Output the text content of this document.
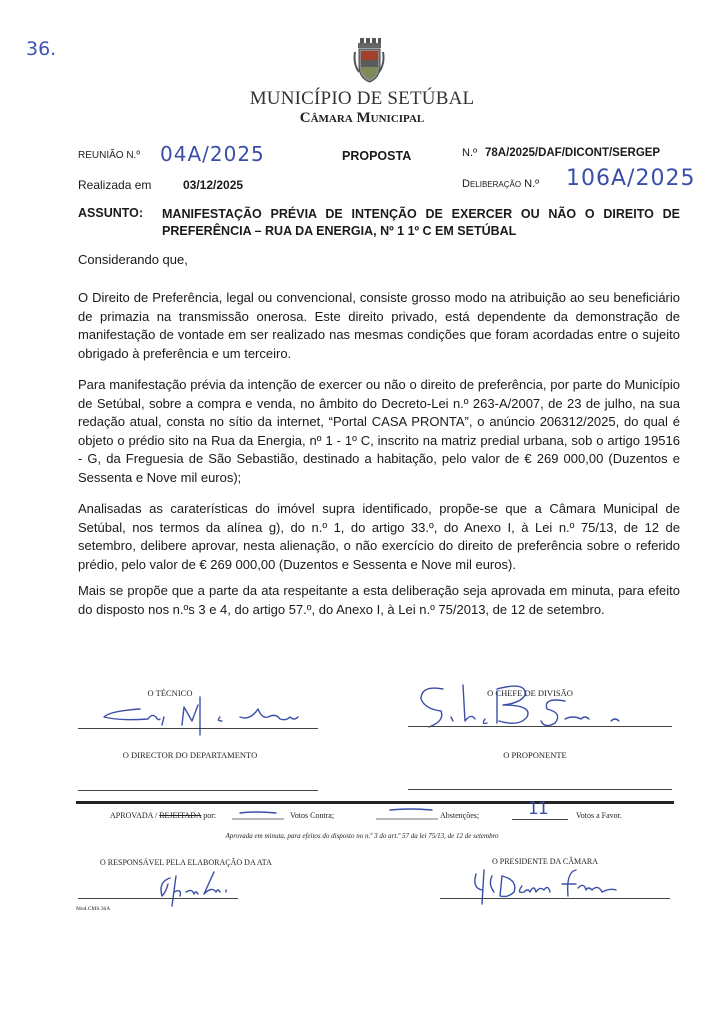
36.
MUNICÍPIO DE SETÚBAL
Câmara Municipal
REUNIÃO N.º 04A/2025	PROPOSTA	N.º 78A/2025/DAF/DICONT/SERGEP
Realizada em	03/12/2025	Deliberação N.º 106A/2025
ASSUNTO: MANIFESTAÇÃO PRÉVIA DE INTENÇÃO DE EXERCER OU NÃO O DIREITO DE PREFERÊNCIA – RUA DA ENERGIA, Nº 1 1º C EM SETÚBAL
Considerando que,
O Direito de Preferência, legal ou convencional, consiste grosso modo na atribuição ao seu beneficiário de primazia na transmissão onerosa. Este direito privado, está dependente da demonstração de manifestação de vontade em ser realizado nas mesmas condições que foram acordadas entre o sujeito obrigado à preferência e um terceiro.
Para manifestação prévia da intenção de exercer ou não o direito de preferência, por parte do Município de Setúbal, sobre a compra e venda, no âmbito do Decreto-Lei n.º 263-A/2007, de 23 de julho, na sua redação atual, consta no sítio da internet, “Portal CASA PRONTA”, o anúncio 206312/2025, do qual é objeto o prédio sito na Rua da Energia, nº 1 - 1º C, inscrito na matriz predial urbana, sob o artigo 19516 - G, da Freguesia de São Sebastião, destinado a habitação, pelo valor de € 269 000,00 (Duzentos e Sessenta e Nove mil euros);
Analisadas as caraterísticas do imóvel supra identificado, propõe-se que a Câmara Municipal de Setúbal, nos termos da alínea g), do n.º 1, do artigo 33.º, do Anexo I, à Lei n.º 75/13, de 12 de setembro, delibere aprovar, nesta alienação, o não exercício do direito de preferência sobre o referido prédio, pelo valor de € 269 000,00 (Duzentos e Sessenta e Nove mil euros).
Mais se propõe que a parte da ata respeitante a esta deliberação seja aprovada em minuta, para efeito do disposto nos n.ºs 3 e 4, do artigo 57.º, do Anexo I, à Lei n.º 75/2013, de 12 de setembro.
O TÉCNICO	O CHEFE DE DIVISÃO
O DIRECTOR DO DEPARTAMENTO	O PROPONENTE
APROVADA / REJEITADA por:	Votos Contra;	Abstenções;	11	Votos a Favor.
Aprovada em minuta, para efeitos do disposto no n.º 3 do art.º 57 da lei 75/13, de 12 de setembro
O RESPONSÁVEL PELA ELABORAÇÃO DA ATA
Mod.CMS.36A
O PRESIDENTE DA CÂMARA
